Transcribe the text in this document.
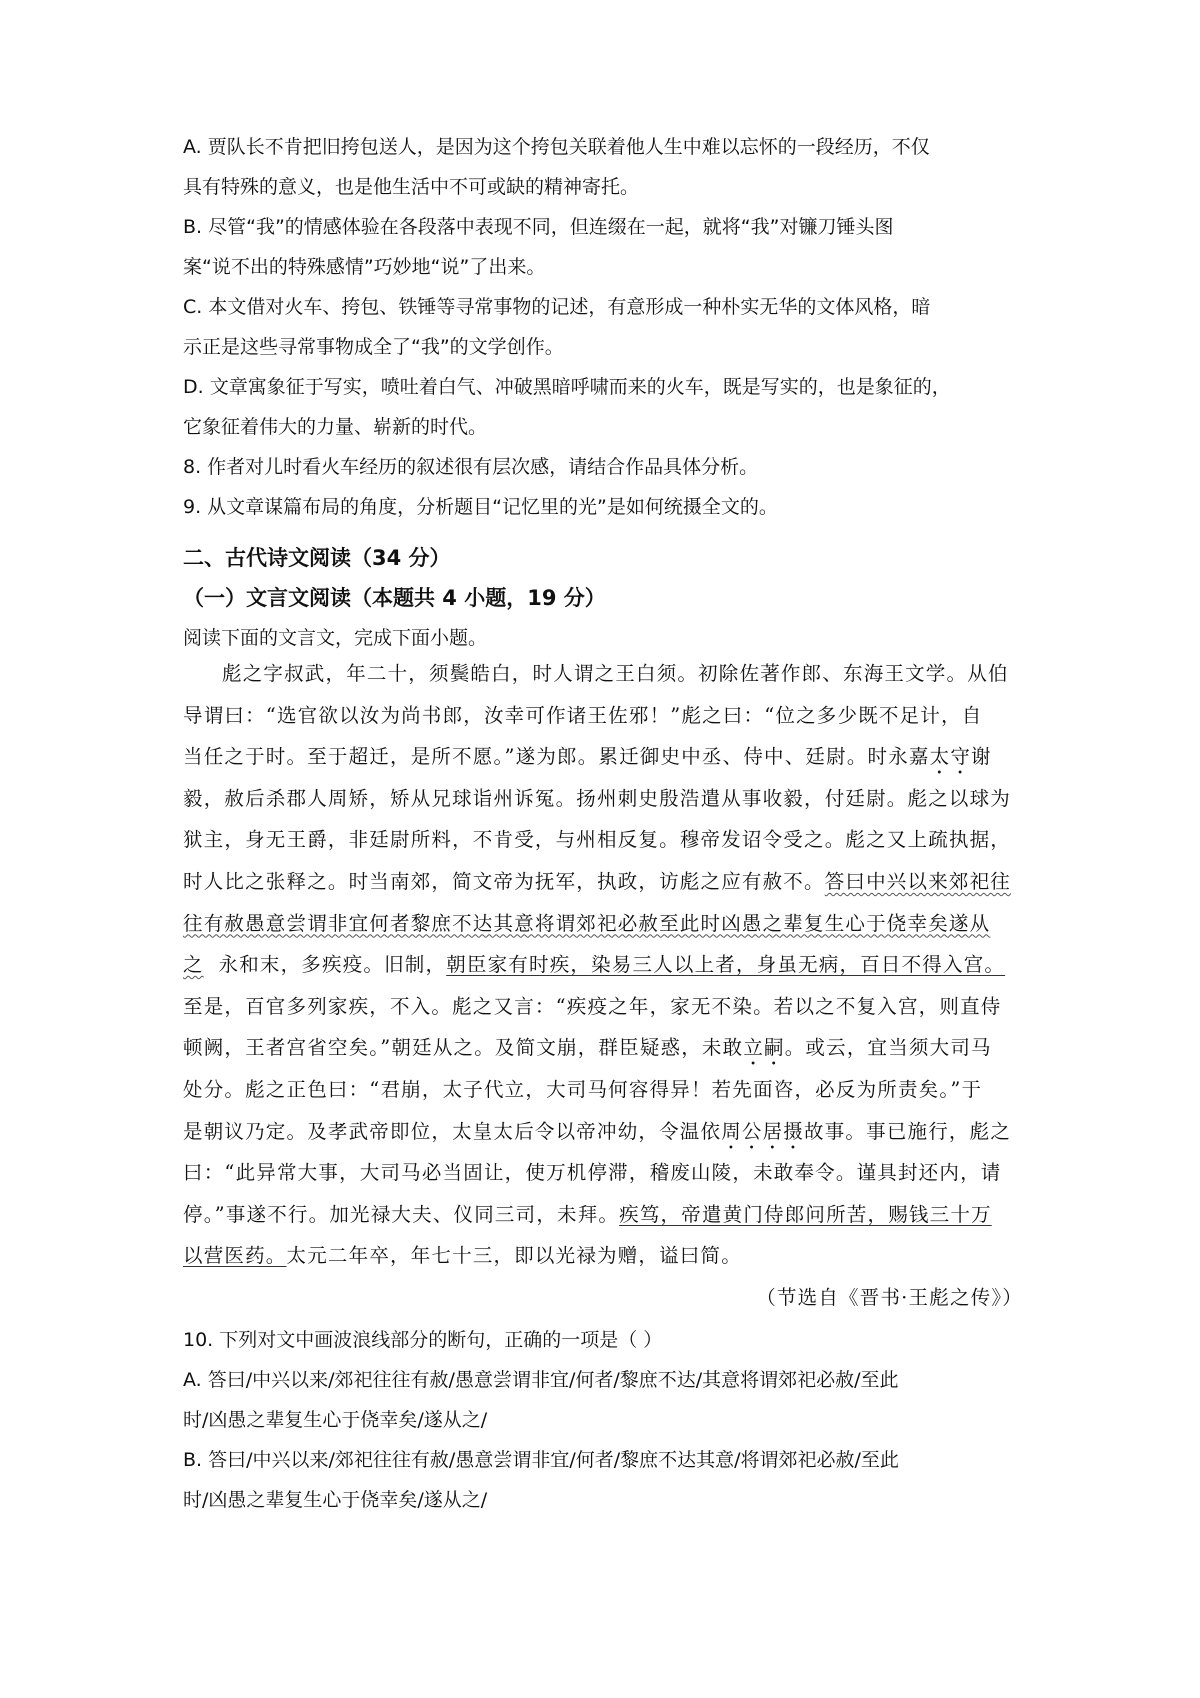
A. 贾队长不肯把旧挎包送人，是因为这个挎包关联着他人生中难以忘怀的一段经历，不仅
具有特殊的意义，也是他生活中不可或缺的精神寄托。
B. 尽管“我”的情感体验在各段落中表现不同，但连缀在一起，就将“我”对镰刀锤头图
案“说不出的特殊感情”巧妙地“说”了出来。
C. 本文借对火车、挎包、铁锤等寻常事物的记述，有意形成一种朴实无华的文体风格，暗
示正是这些寻常事物成全了“我”的文学创作。
D. 文章寓象征于写实，喷吐着白气、冲破黑暗呼啸而来的火车，既是写实的，也是象征的，
它象征着伟大的力量、崭新的时代。
8. 作者对儿时看火车经历的叙述很有层次感，请结合作品具体分析。
9. 从文章谋篇布局的角度，分析题目“记忆里的光”是如何统摄全文的。
二、古代诗文阅读（34 分）
（一）文言文阅读（本题共 4 小题，19 分）
阅读下面的文言文，完成下面小题。
彪之字叔武，年二十，须鬓皓白，时人谓之王白须。初除佐著作郎、东海王文学。从伯
导谓曰：“选官欲以汝为尚书郎，汝幸可作诸王佐邪！”彪之曰：“位之多少既不足计，自
当任之于时。至于超迁，是所不愿。”遂为郎。累迁御史中丞、侍中、廷尉。时永嘉太守谢
毅，赦后杀郡人周矫，矫从兄球诣州诉冤。扬州刺史殷浩遣从事收毅，付廷尉。彪之以球为
狱主，身无王爵，非廷尉所料，不肯受，与州相反复。穆帝发诏令受之。彪之又上疏执据，
时人比之张释之。时当南郊，简文帝为抚军，执政，访彪之应有赦不。答曰中兴以来郊祀往
往有赦愚意尝谓非宜何者黎庶不达其意将谓郊祀必赦至此时凶愚之辈复生心于侥幸矣遂从
之  永和末，多疾疫。旧制，朝臣家有时疾，染易三人以上者，身虽无病，百日不得入宫。
至是，百官多列家疾，不入。彪之又言：“疾疫之年，家无不染。若以之不复入宫，则直侍
顿阙，王者宫省空矣。”朝廷从之。及简文崩，群臣疑惑，未敢立嗣。或云，宜当须大司马
处分。彪之正色曰：“君崩，太子代立，大司马何容得异！若先面咨，必反为所责矣。”于
是朝议乃定。及孝武帝即位，太皇太后令以帝冲幼，令温依周公居摄故事。事已施行，彪之
曰：“此异常大事，大司马必当固让，使万机停滞，稽废山陵，未敢奉令。谨具封还内，请
停。”事遂不行。加光禄大夫、仪同三司，未拜。疾笃，帝遣黄门侍郎问所苦，赐钱三十万
以营医药。太元二年卒，年七十三，即以光禄为赠，谥曰简。
（节选自《晋书·王彪之传》）
10. 下列对文中画波浪线部分的断句，正确的一项是（ ）
A. 答曰/中兴以来/郊祀往往有赦/愚意尝谓非宜/何者/黎庶不达/其意将谓郊祀必赦/至此
时/凶愚之辈复生心于侥幸矣/遂从之/
B. 答曰/中兴以来/郊祀往往有赦/愚意尝谓非宜/何者/黎庶不达其意/将谓郊祀必赦/至此
时/凶愚之辈复生心于侥幸矣/遂从之/
